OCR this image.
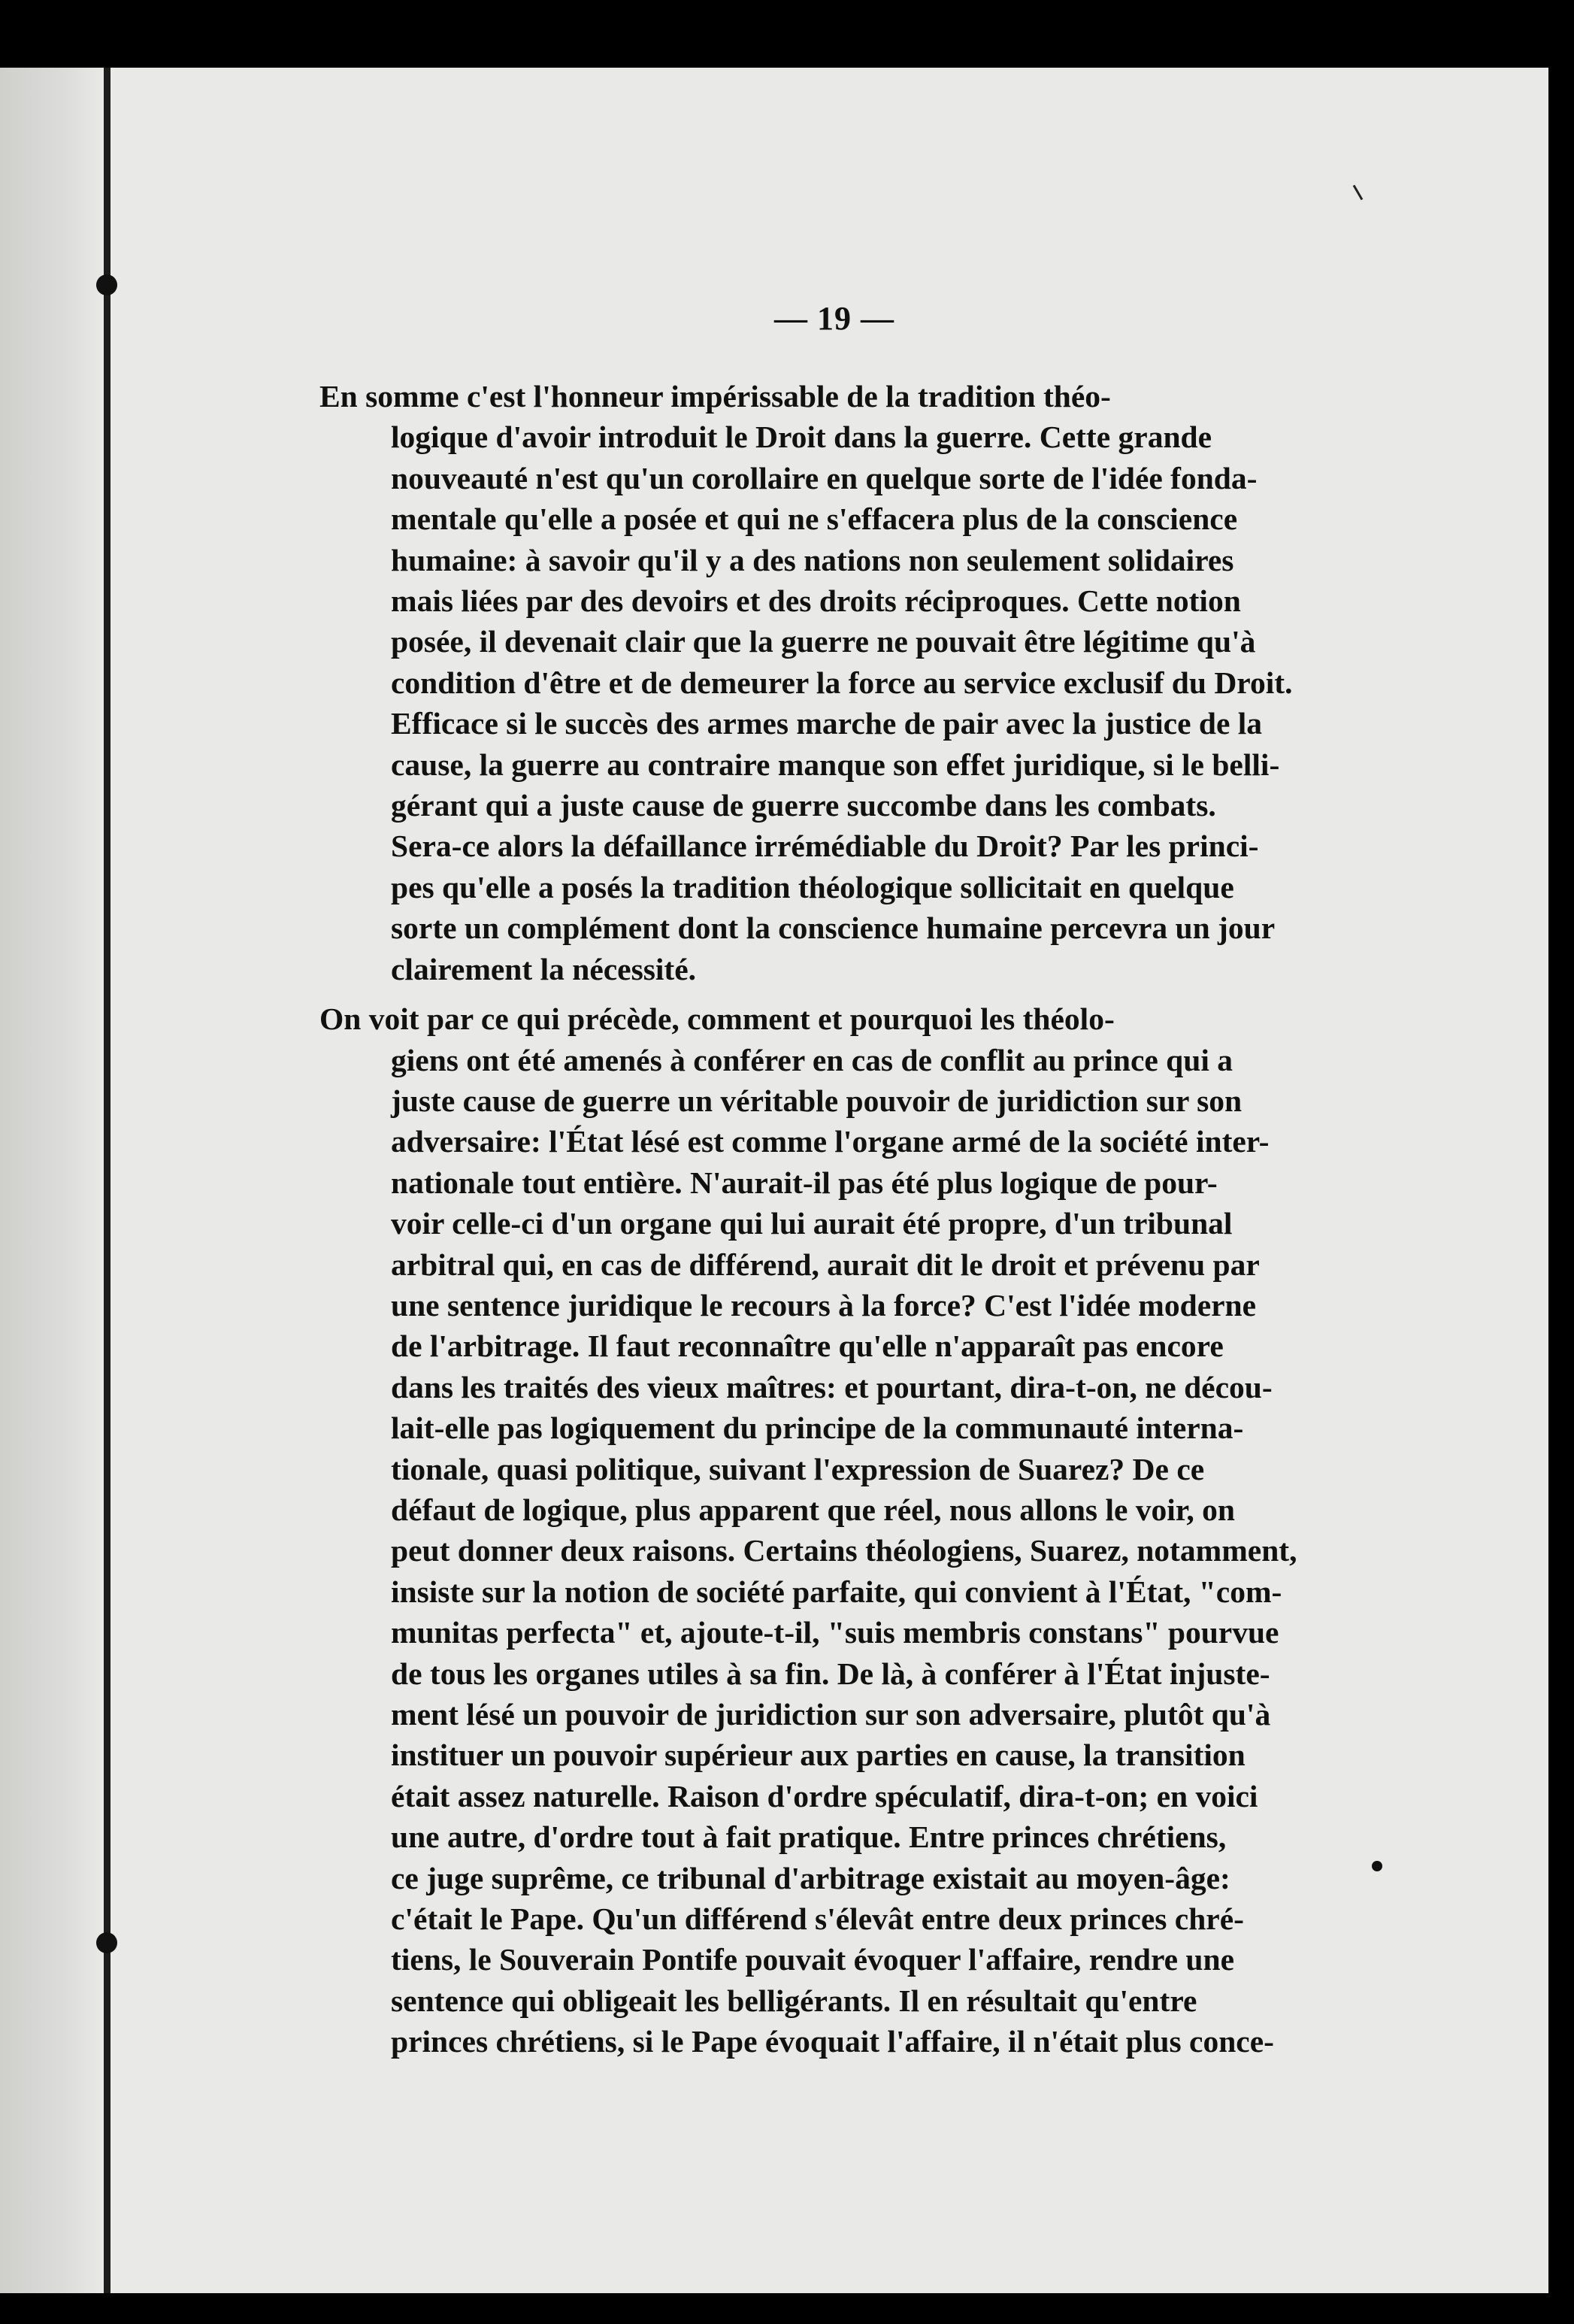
— 19 —

En somme c'est l'honneur impérissable de la tradition théo-
logique d'avoir introduit le Droit dans la guerre. Cette grande
nouveauté n'est qu'un corollaire en quelque sorte de l'idée fonda-
mentale qu'elle a posée et qui ne s'effacera plus de la conscience
humaine: à savoir qu'il y a des nations non seulement solidaires
mais liées par des devoirs et des droits réciproques. Cette notion
posée, il devenait clair que la guerre ne pouvait être légitime qu'à
condition d'être et de demeurer la force au service exclusif du Droit.
Efficace si le succès des armes marche de pair avec la justice de la
cause, la guerre au contraire manque son effet juridique, si le belli-
gérant qui a juste cause de guerre succombe dans les combats.
Sera-ce alors la défaillance irrémédiable du Droit? Par les princi-
pes qu'elle a posés la tradition théologique sollicitait en quelque
sorte un complément dont la conscience humaine percevra un jour
clairement la nécessité.

On voit par ce qui précède, comment et pourquoi les théolo-
giens ont été amenés à conférer en cas de conflit au prince qui a
juste cause de guerre un véritable pouvoir de juridiction sur son
adversaire: l'État lésé est comme l'organe armé de la société inter-
nationale tout entière. N'aurait-il pas été plus logique de pour-
voir celle-ci d'un organe qui lui aurait été propre, d'un tribunal
arbitral qui, en cas de différend, aurait dit le droit et prévenu par
une sentence juridique le recours à la force? C'est l'idée moderne
de l'arbitrage. Il faut reconnaître qu'elle n'apparaît pas encore
dans les traités des vieux maîtres: et pourtant, dira-t-on, ne décou-
lait-elle pas logiquement du principe de la communauté interna-
tionale, quasi politique, suivant l'expression de Suarez? De ce
défaut de logique, plus apparent que réel, nous allons le voir, on
peut donner deux raisons. Certains théologiens, Suarez, notamment,
insiste sur la notion de société parfaite, qui convient à l'État, "com-
munitas perfecta" et, ajoute-t-il, "suis membris constans" pourvue
de tous les organes utiles à sa fin. De là, à conférer à l'État injuste-
ment lésé un pouvoir de juridiction sur son adversaire, plutôt qu'à
instituer un pouvoir supérieur aux parties en cause, la transition
était assez naturelle. Raison d'ordre spéculatif, dira-t-on; en voici
une autre, d'ordre tout à fait pratique. Entre princes chrétiens,
ce juge suprême, ce tribunal d'arbitrage existait au moyen-âge:
c'était le Pape. Qu'un différend s'élevât entre deux princes chré-
tiens, le Souverain Pontife pouvait évoquer l'affaire, rendre une
sentence qui obligeait les belligérants. Il en résultait qu'entre
princes chrétiens, si le Pape évoquait l'affaire, il n'était plus conce-
